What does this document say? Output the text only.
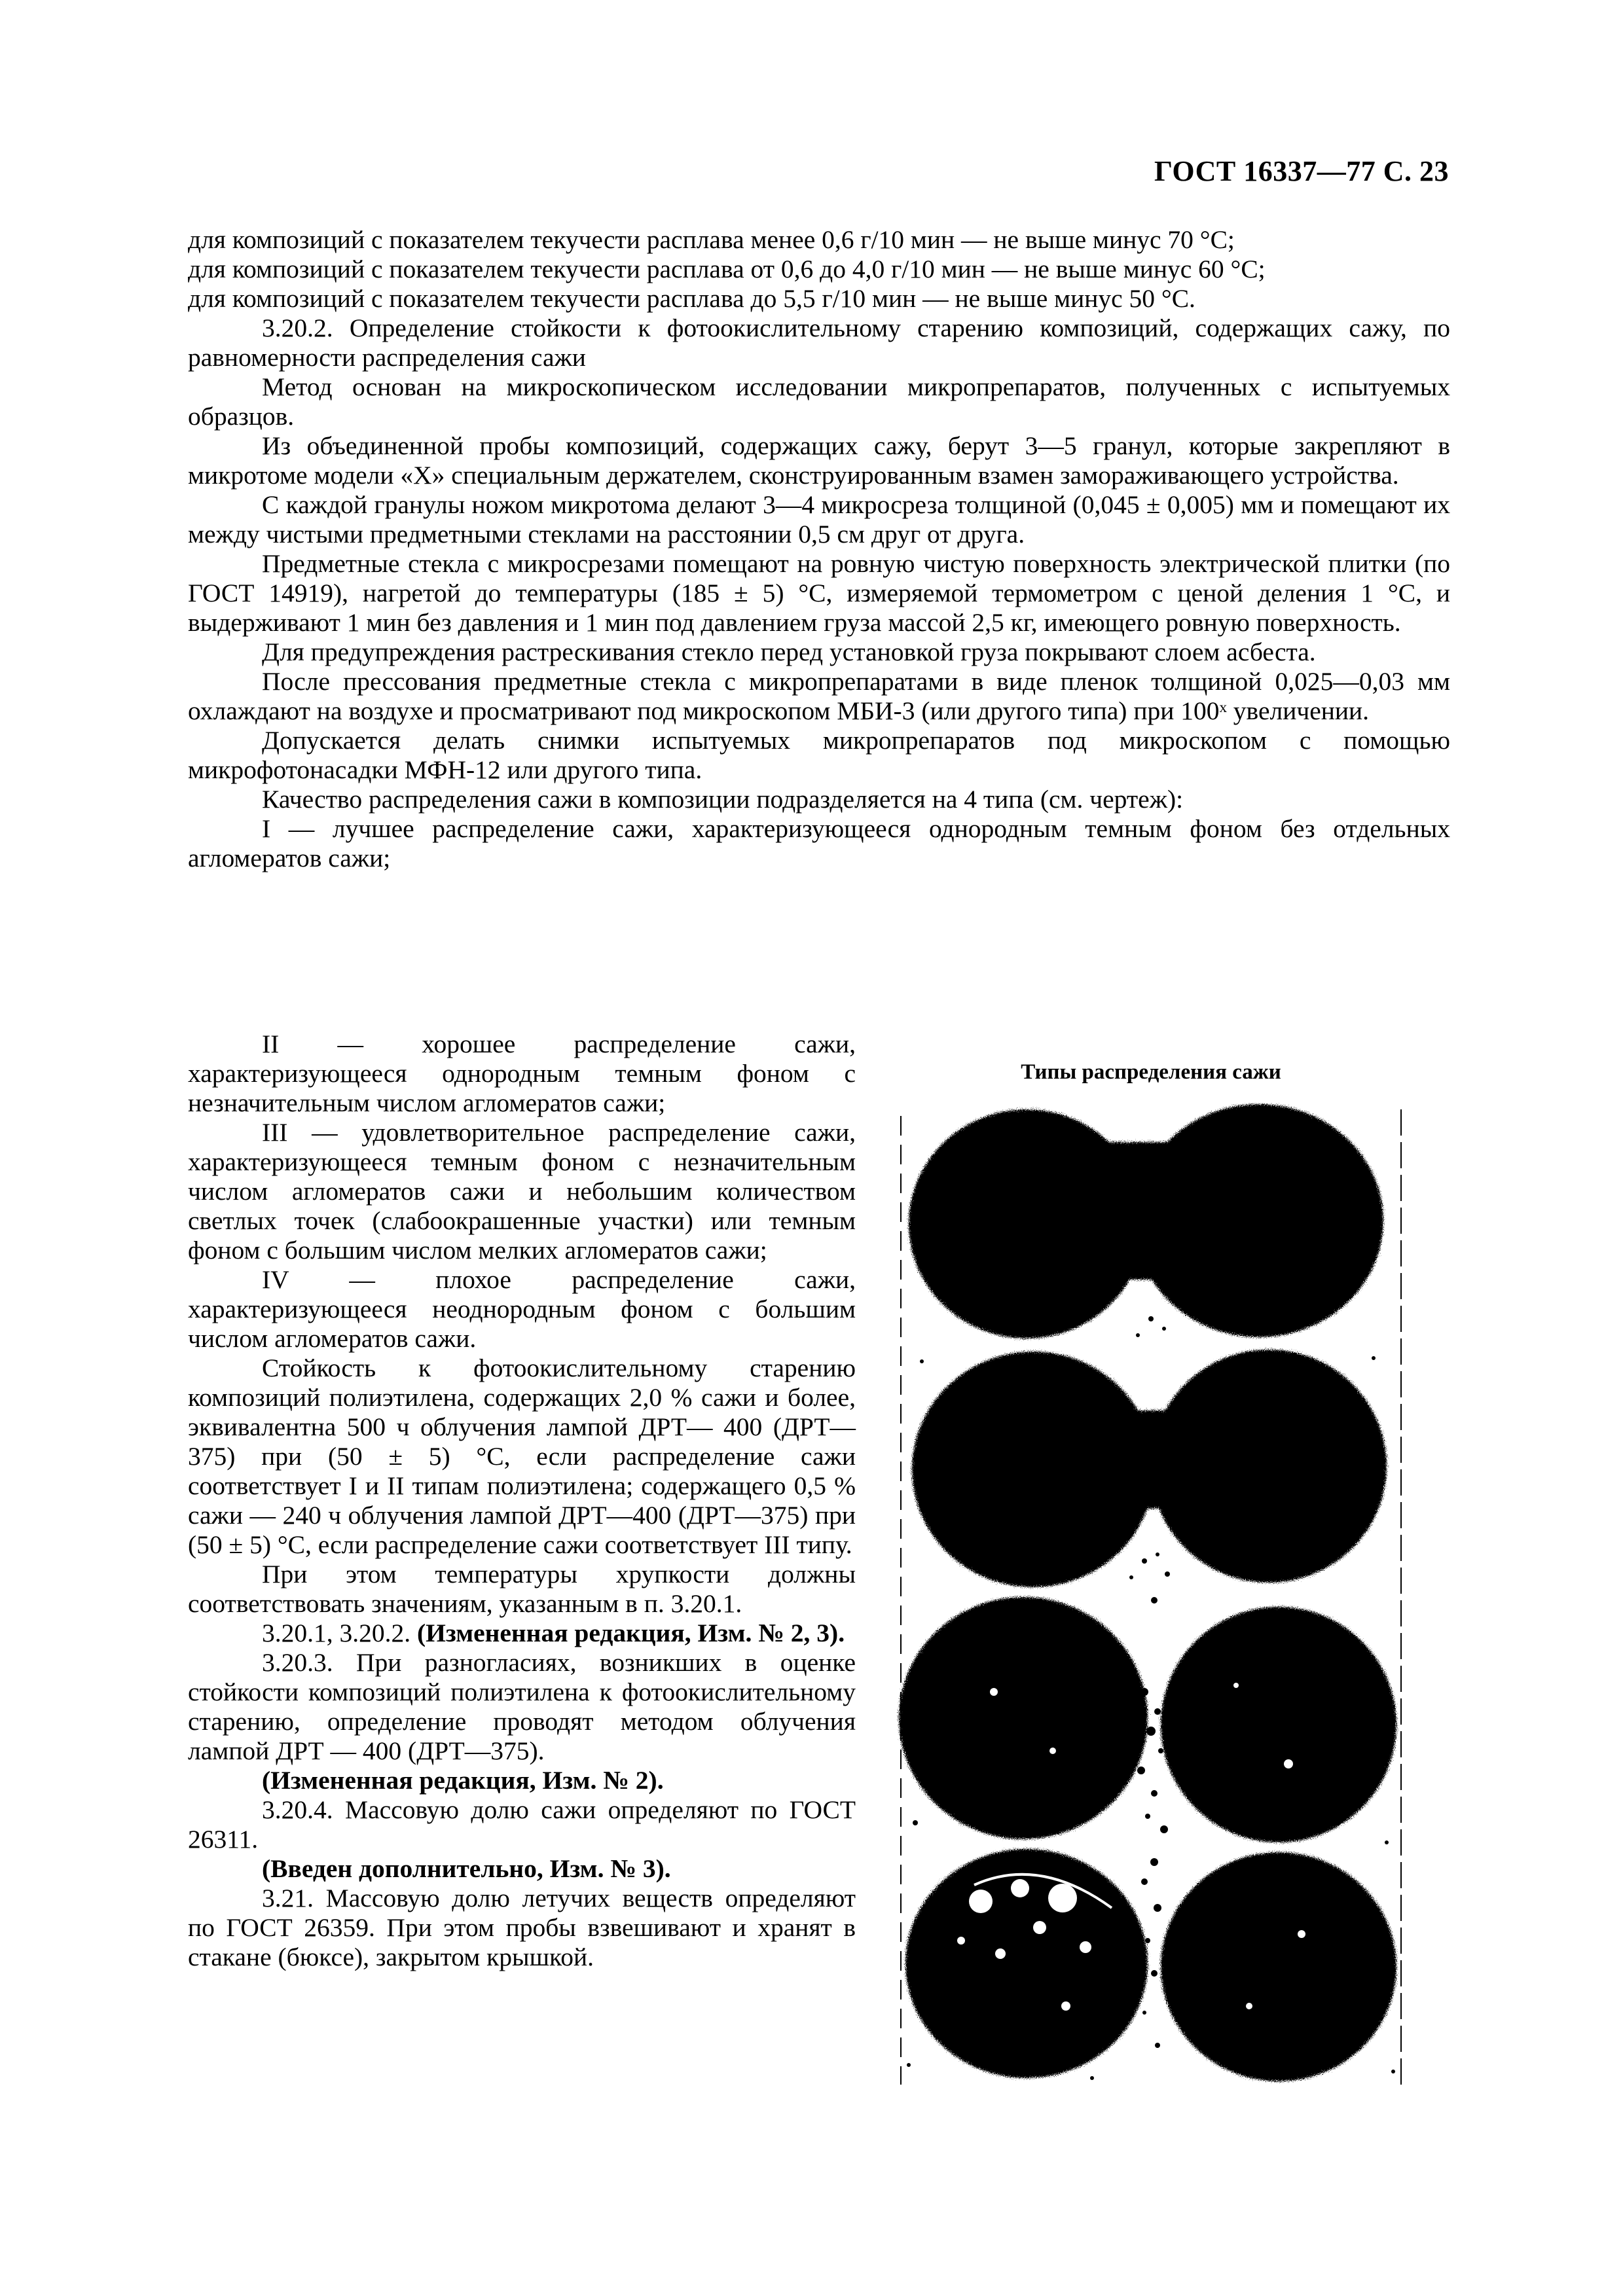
ГОСТ 16337—77 С. 23

для композиций с показателем текучести расплава менее 0,6 г/10 мин — не выше минус 70 °С;

для композиций с показателем текучести расплава от 0,6 до 4,0 г/10 мин — не выше минус 60 °С;

для композиций с показателем текучести расплава до 5,5 г/10 мин — не выше минус 50 °С.

3.20.2. Определение стойкости к фотоокислительному старению композиций, содержащих сажу, по равномерности распределения сажи

Метод основан на микроскопическом исследовании микропрепаратов, полученных с испытуемых образцов.

Из объединенной пробы композиций, содержащих сажу, берут 3—5 гранул, которые закрепляют в микротоме модели «X» специальным держателем, сконструированным взамен замораживающего устройства.

С каждой гранулы ножом микротома делают 3—4 микросреза толщиной (0,045 ± 0,005) мм и помещают их между чистыми предметными стеклами на расстоянии 0,5 см друг от друга.

Предметные стекла с микросрезами помещают на ровную чистую поверхность электрической плитки (по ГОСТ 14919), нагретой до температуры (185 ± 5) °С, измеряемой термометром с ценой деления 1 °С, и выдерживают 1 мин без давления и 1 мин под давлением груза массой 2,5 кг, имеющего ровную поверхность.

Для предупреждения растрескивания стекло перед установкой груза покрывают слоем асбеста.

После прессования предметные стекла с микропрепаратами в виде пленок толщиной 0,025—0,03 мм охлаждают на воздухе и просматривают под микроскопом МБИ-3 (или другого типа) при 100ˣ увеличении.

Допускается делать снимки испытуемых микропрепаратов под микроскопом с помощью микрофотонасадки МФН-12 или другого типа.

Качество распределения сажи в композиции подразделяется на 4 типа (см. чертеж):

I — лучшее распределение сажи, характеризующееся однородным темным фоном без отдельных агломератов сажи;

II — хорошее распределение сажи, характеризующееся однородным темным фоном с незначительным числом агломератов сажи;

III — удовлетворительное распределение сажи, характеризующееся темным фоном с незначительным числом агломератов сажи и небольшим количеством светлых точек (слабоокрашенные участки) или темным фоном с большим числом мелких агломератов сажи;

IV — плохое распределение сажи, характеризующееся неоднородным фоном с большим числом агломератов сажи.

Стойкость к фотоокислительному старению композиций полиэтилена, содержащих 2,0 % сажи и более, эквивалентна 500 ч облучения лампой ДРТ— 400 (ДРТ—375) при (50 ± 5) °С, если распределение сажи соответствует I и II типам полиэтилена; содержащего 0,5 % сажи — 240 ч облучения лампой ДРТ—400 (ДРТ—375) при (50 ± 5) °С, если распределение сажи соответствует III типу.

При этом температуры хрупкости должны соответствовать значениям, указанным в п. 3.20.1.

3.20.1, 3.20.2. (Измененная редакция, Изм. № 2, 3).

3.20.3. При разногласиях, возникших в оценке стойкости композиций полиэтилена к фотоокислительному старению, определение проводят методом облучения лампой ДРТ — 400 (ДРТ—375).

(Измененная редакция, Изм. № 2).

3.20.4. Массовую долю сажи определяют по ГОСТ 26311.

(Введен дополнительно, Изм. № 3).

3.21. Массовую долю летучих веществ определяют по ГОСТ 26359. При этом пробы взвешивают и хранят в стакане (бюксе), закрытом крышкой.

Типы распределения сажи
